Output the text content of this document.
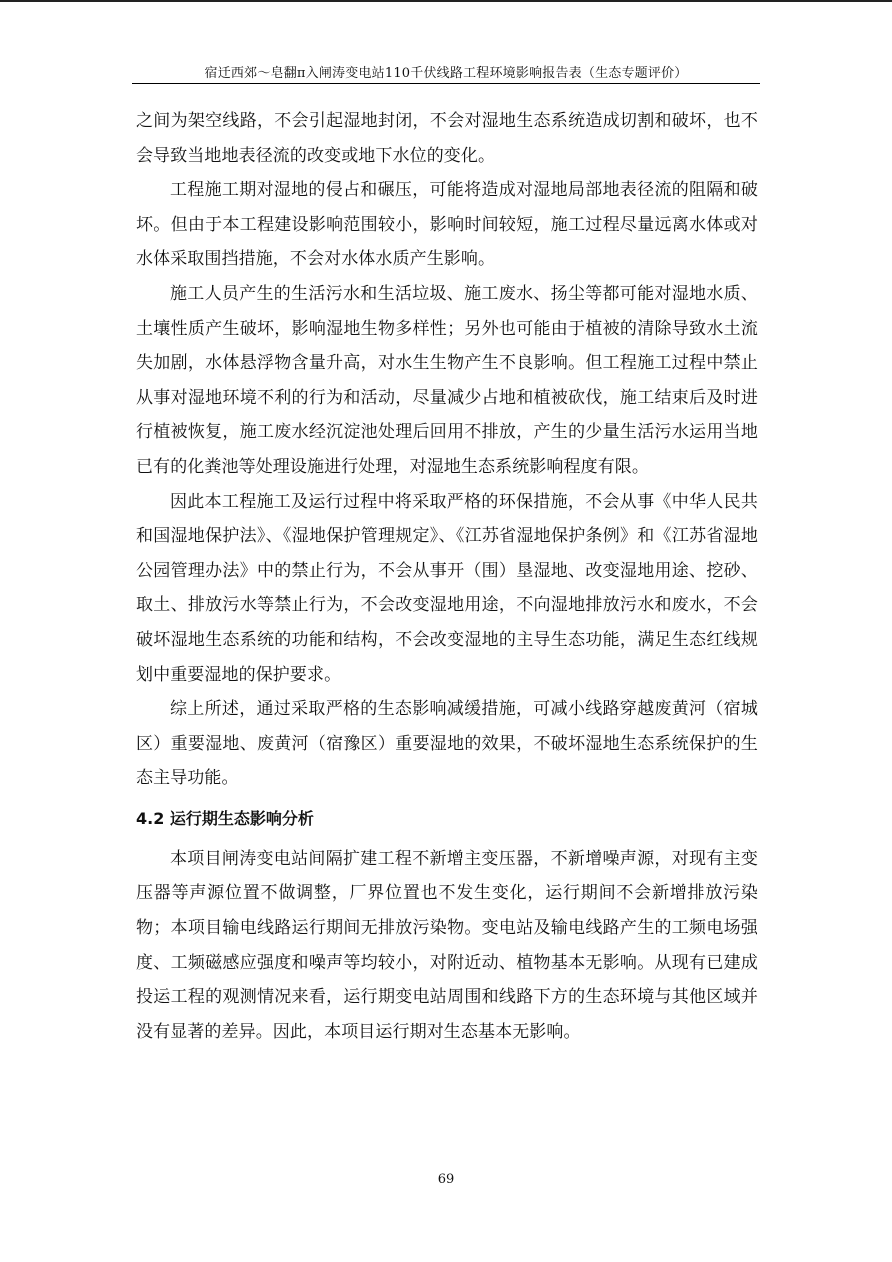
宿迁西郊～皂翻π入闸涛变电站110千伏线路工程环境影响报告表（生态专题评价）

之间为架空线路，不会引起湿地封闭，不会对湿地生态系统造成切割和破坏，也不会导致当地地表径流的改变或地下水位的变化。

工程施工期对湿地的侵占和碾压，可能将造成对湿地局部地表径流的阻隔和破坏。但由于本工程建设影响范围较小，影响时间较短，施工过程尽量远离水体或对水体采取围挡措施，不会对水体水质产生影响。

施工人员产生的生活污水和生活垃圾、施工废水、扬尘等都可能对湿地水质、土壤性质产生破坏，影响湿地生物多样性；另外也可能由于植被的清除导致水土流失加剧，水体悬浮物含量升高，对水生生物产生不良影响。但工程施工过程中禁止从事对湿地环境不利的行为和活动，尽量减少占地和植被砍伐，施工结束后及时进行植被恢复，施工废水经沉淀池处理后回用不排放，产生的少量生活污水运用当地已有的化粪池等处理设施进行处理，对湿地生态系统影响程度有限。

因此本工程施工及运行过程中将采取严格的环保措施，不会从事《中华人民共和国湿地保护法》、《湿地保护管理规定》、《江苏省湿地保护条例》和《江苏省湿地公园管理办法》中的禁止行为，不会从事开（围）垦湿地、改变湿地用途、挖砂、取土、排放污水等禁止行为，不会改变湿地用途，不向湿地排放污水和废水，不会破坏湿地生态系统的功能和结构，不会改变湿地的主导生态功能，满足生态红线规划中重要湿地的保护要求。

综上所述，通过采取严格的生态影响减缓措施，可减小线路穿越废黄河（宿城区）重要湿地、废黄河（宿豫区）重要湿地的效果，不破坏湿地生态系统保护的生态主导功能。

4.2 运行期生态影响分析

本项目闸涛变电站间隔扩建工程不新增主变压器，不新增噪声源，对现有主变压器等声源位置不做调整，厂界位置也不发生变化，运行期间不会新增排放污染物；本项目输电线路运行期间无排放污染物。变电站及输电线路产生的工频电场强度、工频磁感应强度和噪声等均较小，对附近动、植物基本无影响。从现有已建成投运工程的观测情况来看，运行期变电站周围和线路下方的生态环境与其他区域并没有显著的差异。因此，本项目运行期对生态基本无影响。

69
